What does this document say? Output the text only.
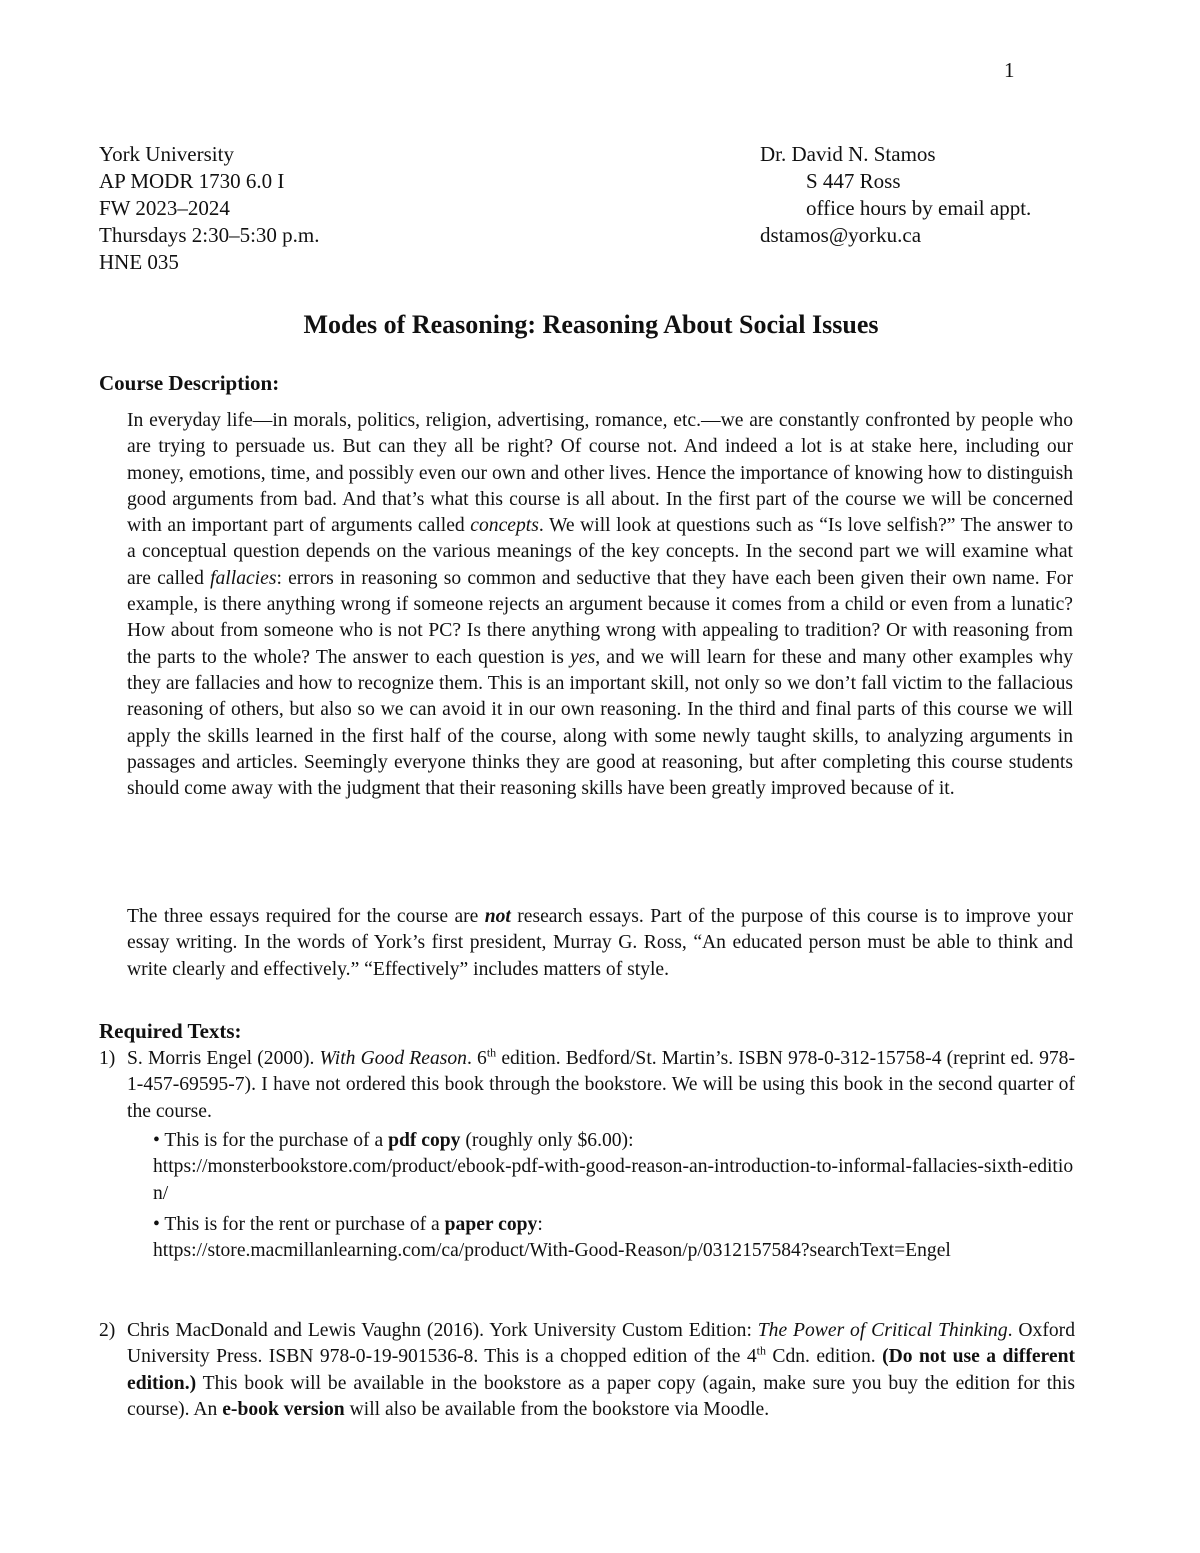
1
York University
AP MODR 1730 6.0 I
FW 2023–2024
Thursdays 2:30–5:30 p.m.
HNE 035
Dr. David N. Stamos
S 447 Ross
office hours by email appt.
dstamos@yorku.ca
Modes of Reasoning: Reasoning About Social Issues
Course Description:
In everyday life—in morals, politics, religion, advertising, romance, etc.—we are constantly confronted by people who are trying to persuade us. But can they all be right? Of course not. And indeed a lot is at stake here, including our money, emotions, time, and possibly even our own and other lives. Hence the importance of knowing how to distinguish good arguments from bad. And that’s what this course is all about. In the first part of the course we will be concerned with an important part of arguments called concepts. We will look at questions such as “Is love selfish?” The answer to a conceptual question depends on the various meanings of the key concepts. In the second part we will examine what are called fallacies: errors in reasoning so common and seductive that they have each been given their own name. For example, is there anything wrong if someone rejects an argument because it comes from a child or even from a lunatic? How about from someone who is not PC? Is there anything wrong with appealing to tradition? Or with reasoning from the parts to the whole? The answer to each question is yes, and we will learn for these and many other examples why they are fallacies and how to recognize them. This is an important skill, not only so we don’t fall victim to the fallacious reasoning of others, but also so we can avoid it in our own reasoning. In the third and final parts of this course we will apply the skills learned in the first half of the course, along with some newly taught skills, to analyzing arguments in passages and articles. Seemingly everyone thinks they are good at reasoning, but after completing this course students should come away with the judgment that their reasoning skills have been greatly improved because of it.
The three essays required for the course are not research essays. Part of the purpose of this course is to improve your essay writing. In the words of York’s first president, Murray G. Ross, “An educated person must be able to think and write clearly and effectively.” “Effectively” includes matters of style.
Required Texts:
1) S. Morris Engel (2000). With Good Reason. 6th edition. Bedford/St. Martin’s. ISBN 978-0-312-15758-4 (reprint ed. 978-1-457-69595-7). I have not ordered this book through the bookstore. We will be using this book in the second quarter of the course.
• This is for the purchase of a pdf copy (roughly only $6.00):
https://monsterbookstore.com/product/ebook-pdf-with-good-reason-an-introduction-to-informal-fallacies-sixth-edition/
• This is for the rent or purchase of a paper copy:
https://store.macmillanlearning.com/ca/product/With-Good-Reason/p/0312157584?searchText=Engel
2) Chris MacDonald and Lewis Vaughn (2016). York University Custom Edition: The Power of Critical Thinking. Oxford University Press. ISBN 978-0-19-901536-8. This is a chopped edition of the 4th Cdn. edition. (Do not use a different edition.) This book will be available in the bookstore as a paper copy (again, make sure you buy the edition for this course). An e-book version will also be available from the bookstore via Moodle.
